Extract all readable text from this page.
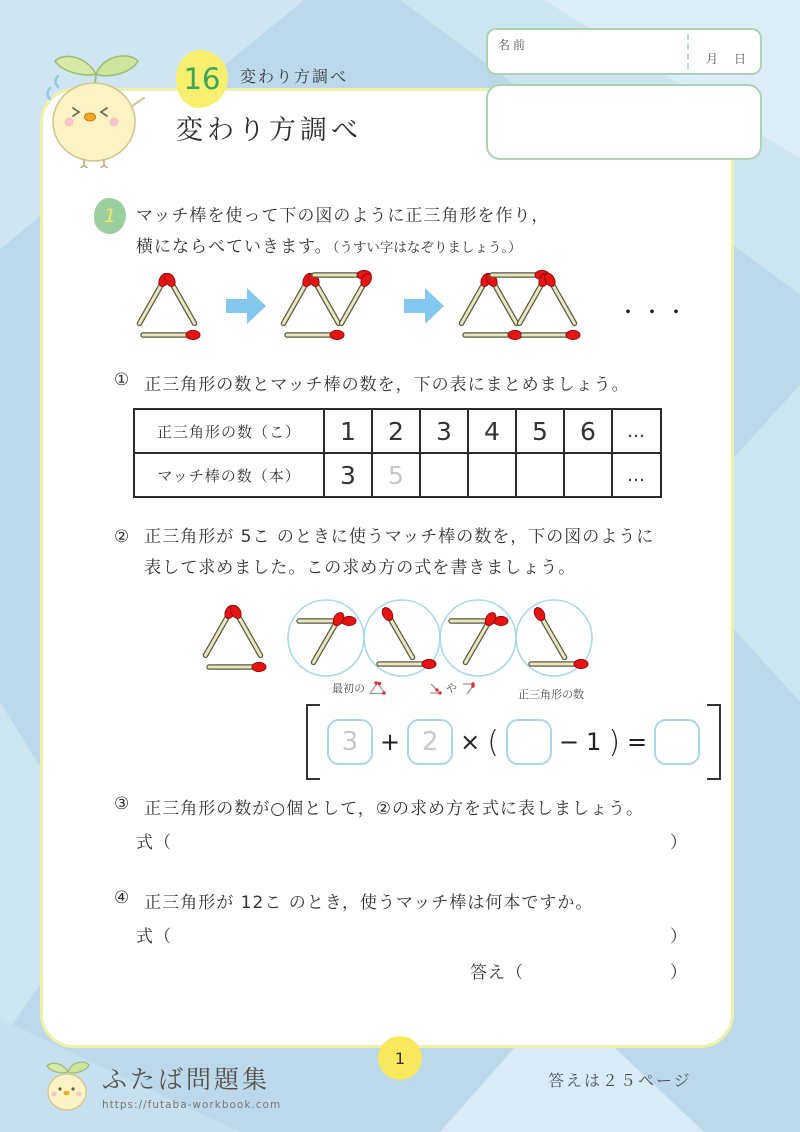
名前
月 日
16	変わり方調べ
変わり方調べ
1	マッチ棒を使って下の図のように正三角形を作り，
横にならべていきます。（うすい字はなぞりましょう。）
・・・
① 正三角形の数とマッチ棒の数を，下の表にまとめましょう。
正三角形の数（こ）	1	2	3	4	5	6	…
マッチ棒の数（本）	3	5					…
② 正三角形が 5こ のときに使うマッチ棒の数を，下の図のように
表して求めました。この求め方の式を書きましょう。
最初の	や	正三角形の数
3 + 2 × (	− 1 ) =
③ 正三角形の数が○個として，②の求め方を式に表しましょう。
式（	）
④ 正三角形が 12こ のとき，使うマッチ棒は何本ですか。
式（	）
答え（	）
ふたば問題集
https://futaba-workbook.com
1
答えは２５ページ
